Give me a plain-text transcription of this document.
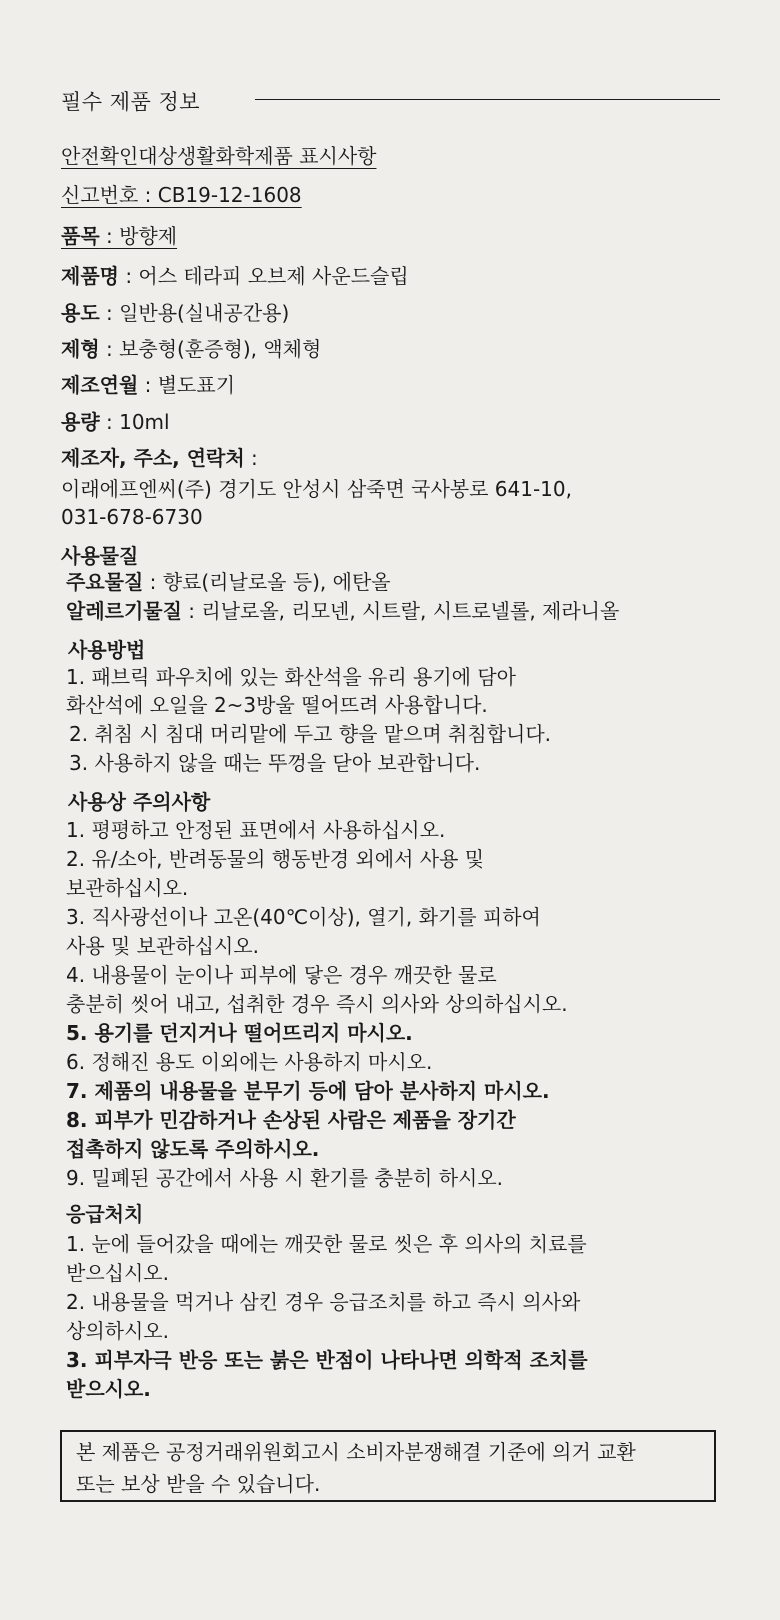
필수 제품 정보
안전확인대상생활화학제품 표시사항
신고번호 : CB19-12-1608
품목 : 방향제
제품명 : 어스 테라피 오브제 사운드슬립
용도 : 일반용(실내공간용)
제형 : 보충형(훈증형), 액체형
제조연월 : 별도표기
용량 : 10ml
제조자, 주소, 연락처 :
이래에프엔씨(주) 경기도 안성시 삼죽면 국사봉로 641-10,
031-678-6730
사용물질
주요물질 : 향료(리날로올 등), 에탄올
알레르기물질 : 리날로올, 리모넨, 시트랄, 시트로넬롤, 제라니올
사용방법
1. 패브릭 파우치에 있는 화산석을 유리 용기에 담아
화산석에 오일을 2~3방울 떨어뜨려 사용합니다.
2. 취침 시 침대 머리맡에 두고 향을 맡으며 취침합니다.
3. 사용하지 않을 때는 뚜껑을 닫아 보관합니다.
사용상 주의사항
1. 평평하고 안정된 표면에서 사용하십시오.
2. 유/소아, 반려동물의 행동반경 외에서 사용 및
보관하십시오.
3. 직사광선이나 고온(40℃이상), 열기, 화기를 피하여
사용 및 보관하십시오.
4. 내용물이 눈이나 피부에 닿은 경우 깨끗한 물로
충분히 씻어 내고, 섭취한 경우 즉시 의사와 상의하십시오.
5. 용기를 던지거나 떨어뜨리지 마시오.
6. 정해진 용도 이외에는 사용하지 마시오.
7. 제품의 내용물을 분무기 등에 담아 분사하지 마시오.
8. 피부가 민감하거나 손상된 사람은 제품을 장기간
접촉하지 않도록 주의하시오.
9. 밀폐된 공간에서 사용 시 환기를 충분히 하시오.
응급처치
1. 눈에 들어갔을 때에는 깨끗한 물로 씻은 후 의사의 치료를
받으십시오.
2. 내용물을 먹거나 삼킨 경우 응급조치를 하고 즉시 의사와
상의하시오.
3. 피부자극 반응 또는 붉은 반점이 나타나면 의학적 조치를
받으시오.
본 제품은 공정거래위원회고시 소비자분쟁해결 기준에 의거 교환
또는 보상 받을 수 있습니다.
